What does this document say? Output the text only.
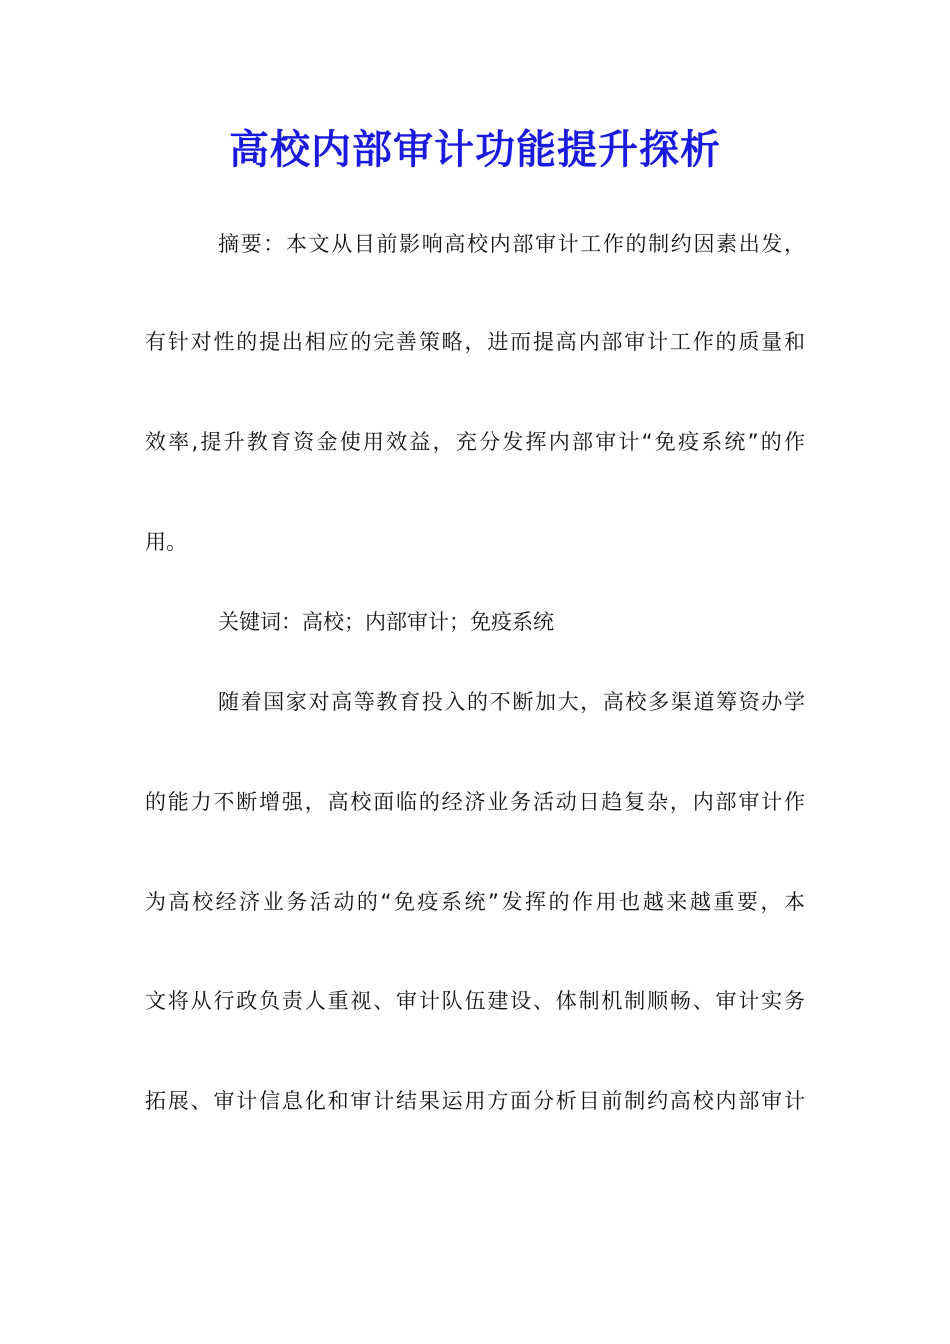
高校内部审计功能提升探析

摘要：本文从目前影响高校内部审计工作的制约因素出发，

有针对性的提出相应的完善策略，进而提高内部审计工作的质量和

效率,提升教育资金使用效益，充分发挥内部审计“免疫系统”的作

用。

关键词：高校；内部审计；免疫系统

随着国家对高等教育投入的不断加大，高校多渠道筹资办学

的能力不断增强，高校面临的经济业务活动日趋复杂，内部审计作

为高校经济业务活动的“免疫系统”发挥的作用也越来越重要，本

文将从行政负责人重视、审计队伍建设、体制机制顺畅、审计实务

拓展、审计信息化和审计结果运用方面分析目前制约高校内部审计
